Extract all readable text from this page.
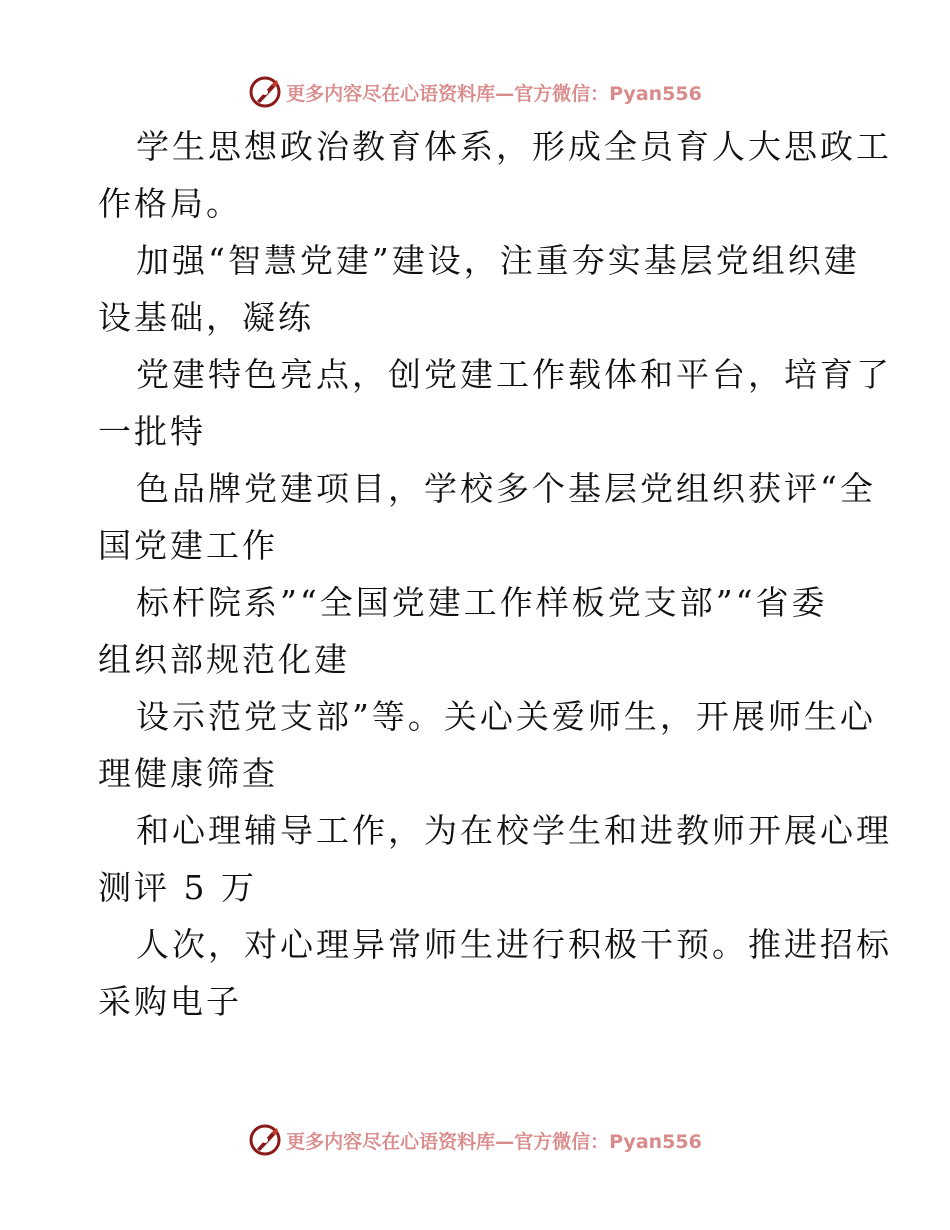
更多内容尽在心语资料库—官方微信：Pyan556

学生思想政治教育体系，形成全员育人大思政工
作格局。

加强“智慧党建”建设，注重夯实基层党组织建
设基础，凝练

党建特色亮点，创党建工作载体和平台，培育了
一批特

色品牌党建项目，学校多个基层党组织获评“全
国党建工作

标杆院系”“全国党建工作样板党支部”“省委
组织部规范化建

设示范党支部”等。关心关爱师生，开展师生心
理健康筛查

和心理辅导工作，为在校学生和进教师开展心理
测评 5 万

人次，对心理异常师生进行积极干预。推进招标
采购电子

更多内容尽在心语资料库—官方微信：Pyan556
